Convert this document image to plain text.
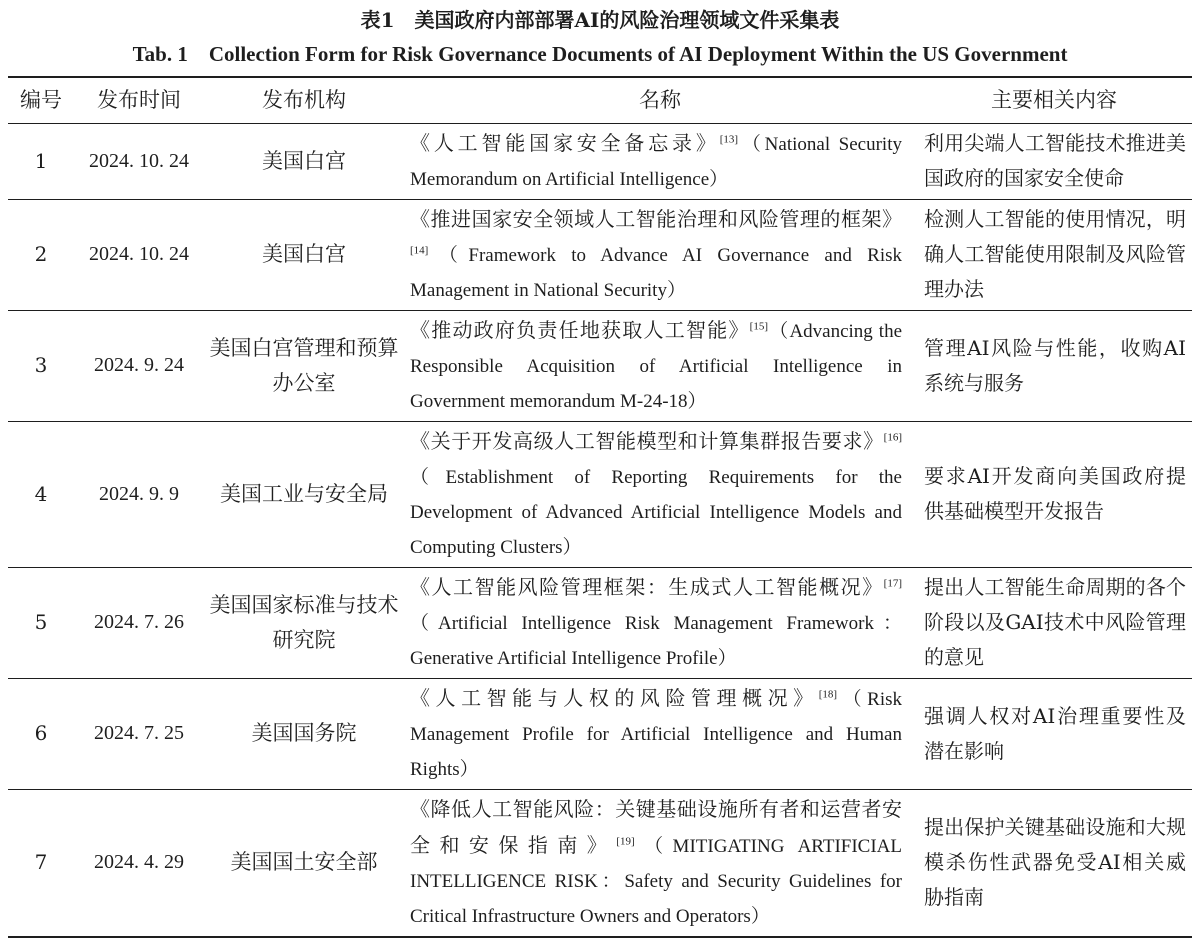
表1　美国政府内部部署AI的风险治理领域文件采集表
Tab. 1　Collection Form for Risk Governance Documents of AI Deployment Within the US Government
编号	发布时间	发布机构	名称	主要相关内容
1	2024. 10. 24	美国白宫	《人工智能国家安全备忘录》[13]（National Security Memorandum on Artificial Intelligence）	利用尖端人工智能技术推进美国政府的国家安全使命
2	2024. 10. 24	美国白宫	《推进国家安全领域人工智能治理和风险管理的框架》[14]（Framework to Advance AI Governance and Risk Management in National Security）	检测人工智能的使用情况，明确人工智能使用限制及风险管理办法
3	2024. 9. 24	美国白宫管理和预算办公室	《推动政府负责任地获取人工智能》[15]（Advancing the Responsible Acquisition of Artificial Intelligence in Government memorandum M-24-18）	管理AI风险与性能，收购AI系统与服务
4	2024. 9. 9	美国工业与安全局	《关于开发高级人工智能模型和计算集群报告要求》[16]（Establishment of Reporting Requirements for the Development of Advanced Artificial Intelligence Models and Computing Clusters）	要求AI开发商向美国政府提供基础模型开发报告
5	2024. 7. 26	美国国家标准与技术研究院	《人工智能风险管理框架：生成式人工智能概况》[17]（Artificial Intelligence Risk Management Framework：Generative Artificial Intelligence Profile）	提出人工智能生命周期的各个阶段以及GAI技术中风险管理的意见
6	2024. 7. 25	美国国务院	《人工智能与人权的风险管理概况》[18]（Risk Management Profile for Artificial Intelligence and Human Rights）	强调人权对AI治理重要性及潜在影响
7	2024. 4. 29	美国国土安全部	《降低人工智能风险：关键基础设施所有者和运营者安全和安保指南》[19]（MITIGATING ARTIFICIAL INTELLIGENCE RISK：Safety and Security Guidelines for Critical Infrastructure Owners and Operators）	提出保护关键基础设施和大规模杀伤性武器免受AI相关威胁指南
